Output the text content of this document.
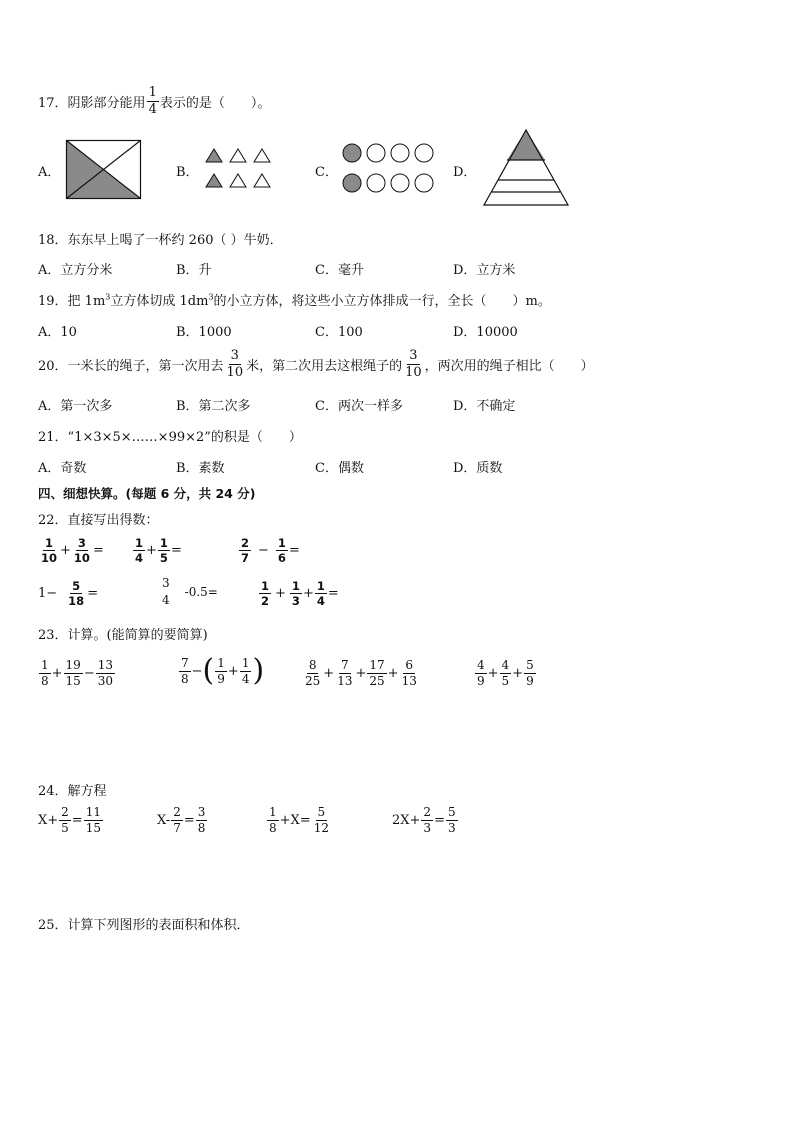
17． 阴影部分能用 $\frac{1}{4}$ 表示的是（　　）。
A．	B．	C．	D．
18．东东早上喝了一杯约 260（ ）牛奶．
A．立方分米	B．升	C．毫升	D．立方米
19．把 $1m^3$立方体切成 $1dm^3$的小立方体，将这些小立方体排成一行，全长（　　）m。
A．10	B．1000	C．100	D．10000
20．一米长的绳子，第一次用去 $\frac{3}{10}$ 米，第二次用去这根绳子的 $\frac{3}{10}$ ，两次用的绳子相比（　　）
A．第一次多	B．第二次多	C．两次一样多	D．不确定
21．“1×3×5×……×99×2”的积是（　　）
A．奇数	B．素数	C．偶数	D．质数
四、细想快算。(每题 6 分，共 24 分)
22．直接写出得数：
$\frac{1}{10} + \frac{3}{10}$ =	$\frac{1}{4} + \frac{1}{5}$ =	$\frac{2}{7} - \frac{1}{6}$ =
$1- \frac{5}{18}$ =
3
4
-0.5=	$\frac{1}{2} + \frac{1}{3} + \frac{1}{4}$ =
23．计算。(能简算的要简算)
$\frac{1}{8} + \frac{19}{15} - \frac{13}{30}$	$\frac{7}{8}$ − ( $\frac{1}{9} + \frac{1}{4}$ )	$\frac{8}{25} + \frac{7}{13} + \frac{17}{25} + \frac{6}{13}$	$\frac{4}{9} + \frac{4}{5} + \frac{5}{9}$
24．解方程
$X+ \frac{2}{5} = \frac{11}{15}$	$X- \frac{2}{7} = \frac{3}{8}$	$\frac{1}{8} +X= \frac{5}{12}$	$2X+ \frac{2}{3} = \frac{5}{3}$
25．计算下列图形的表面积和体积．
